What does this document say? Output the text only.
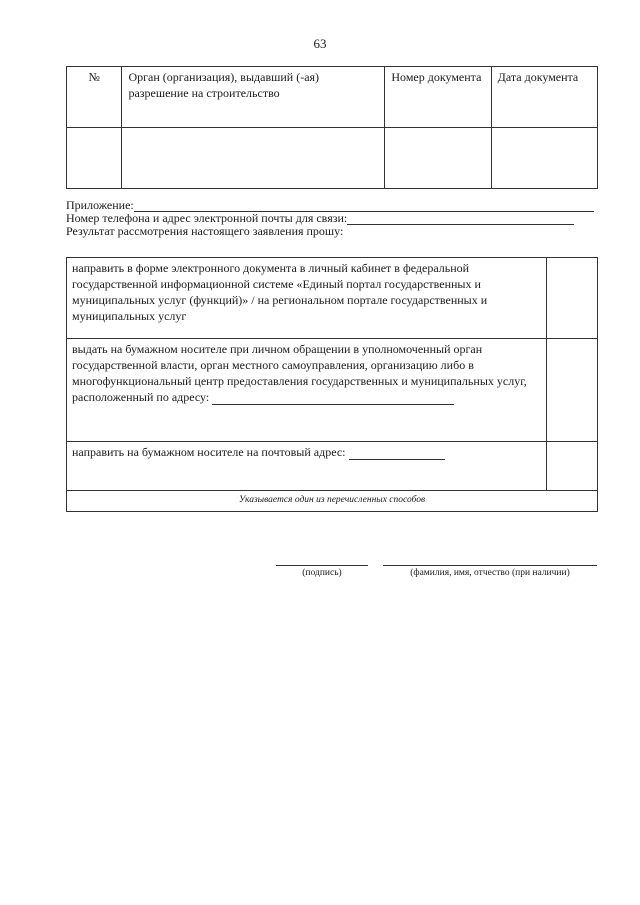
63
№	Орган (организация), выдавший (-ая) разрешение на строительство	Номер документа	Дата документа

Приложение:
Номер телефона и адрес электронной почты для связи:
Результат рассмотрения настоящего заявления прошу:
направить в форме электронного документа в личный кабинет в федеральной государственной информационной системе «Единый портал государственных и муниципальных услуг (функций)» / на региональном портале государственных и муниципальных услуг	
выдать на бумажном носителе при личном обращении в уполномоченный орган государственной власти, орган местного самоуправления, организацию либо в многофункциональный центр предоставления государственных и муниципальных услуг, расположенный по адресу:	
направить на бумажном носителе на почтовый адрес:	
Указывается один из перечисленных способов	
(подпись)	(фамилия, имя, отчество (при наличии)
